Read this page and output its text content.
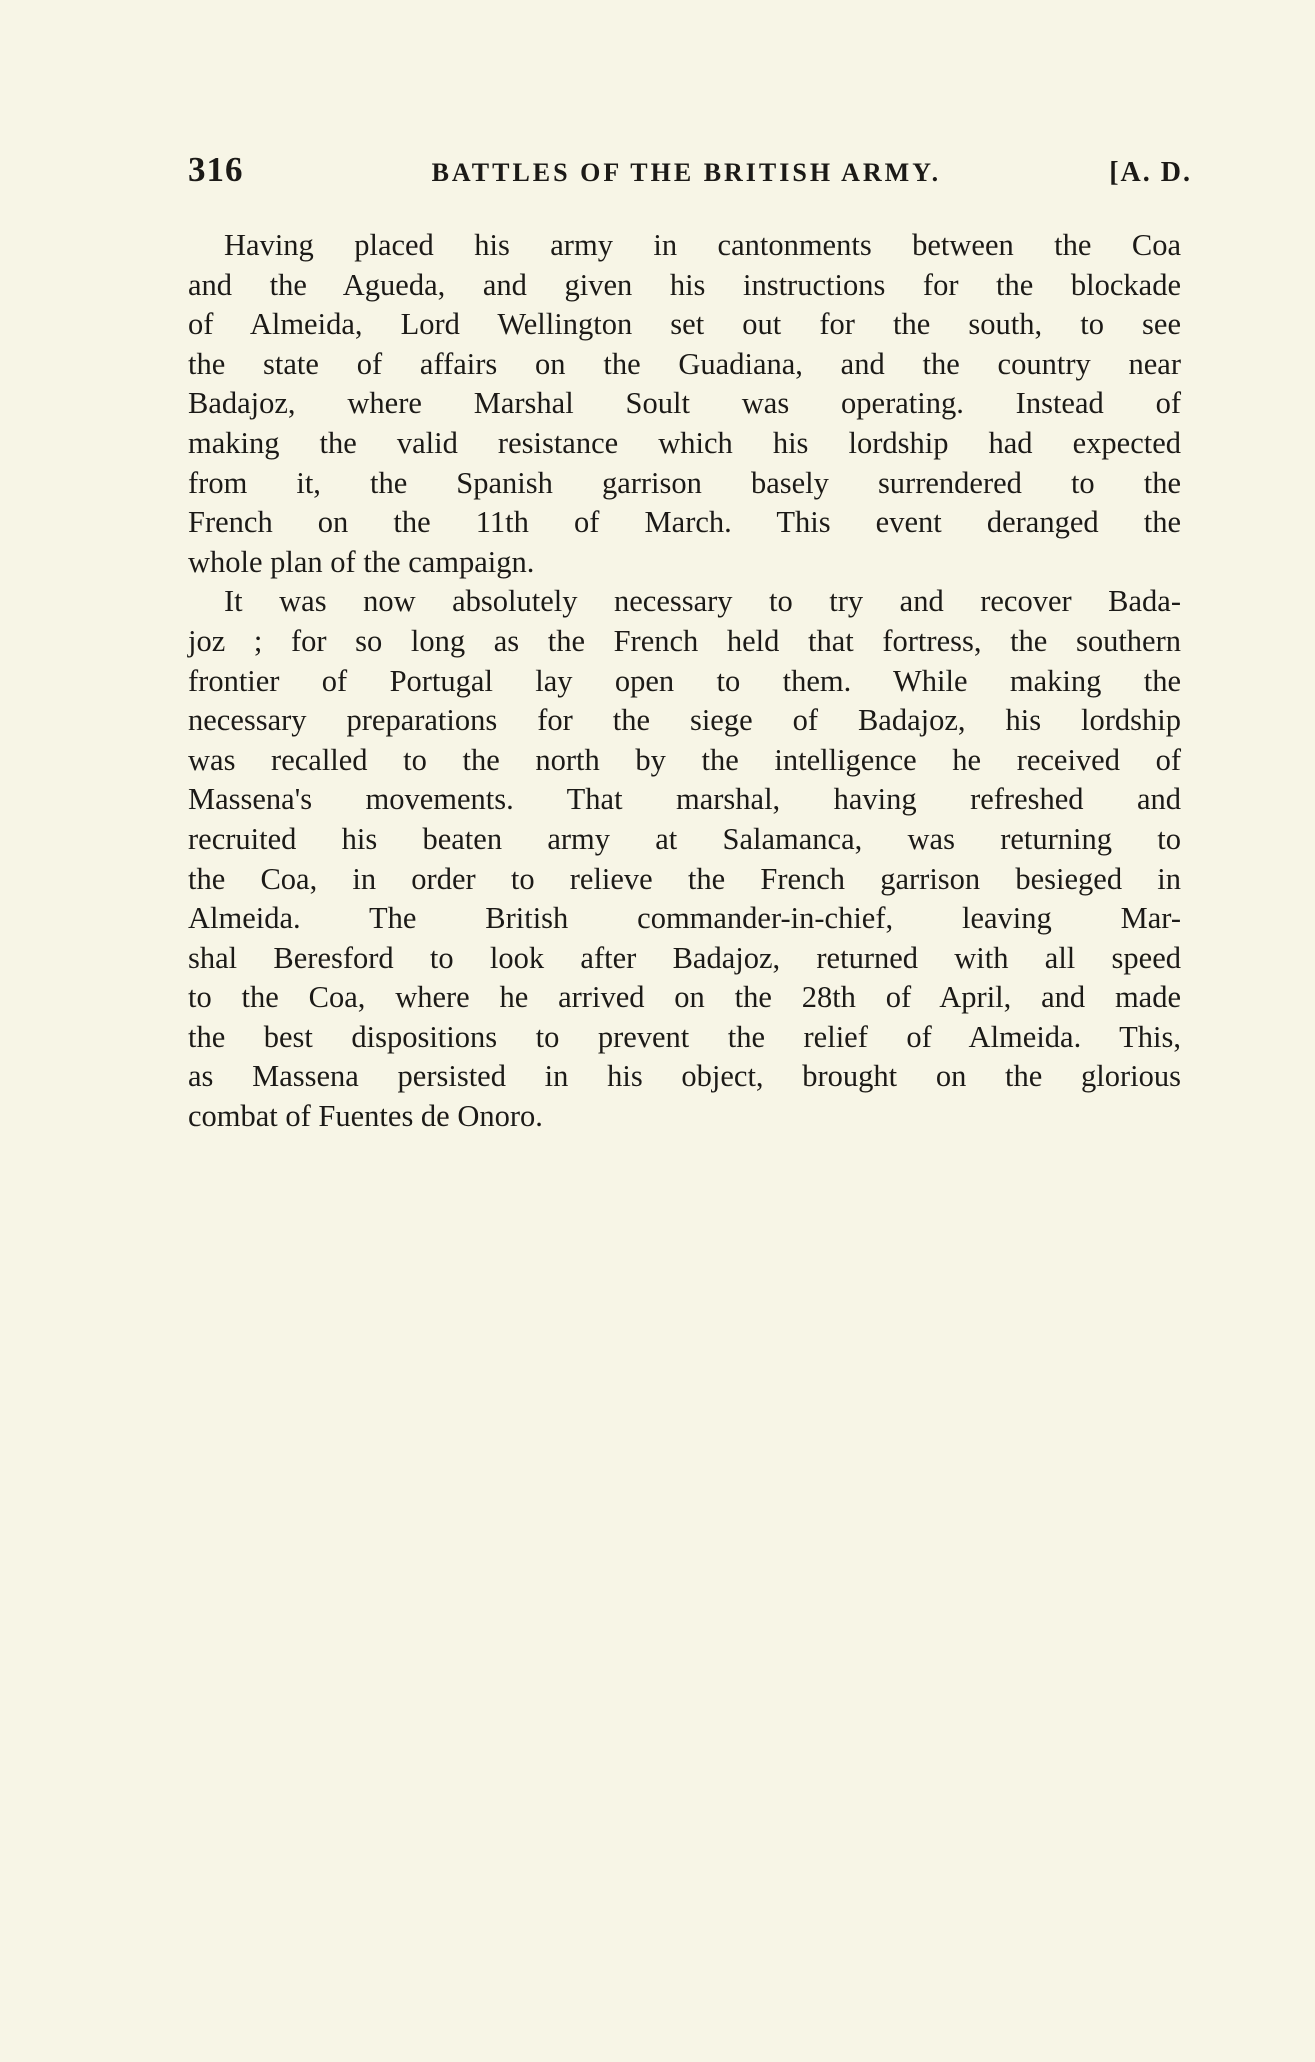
316	BATTLES OF THE BRITISH ARMY.	[A. D.
Having placed his army in cantonments between the Coa
and the Agueda, and given his instructions for the blockade
of Almeida, Lord Wellington set out for the south, to see
the state of affairs on the Guadiana, and the country near
Badajoz, where Marshal Soult was operating. Instead of
making the valid resistance which his lordship had expected
from it, the Spanish garrison basely surrendered to the
French on the 11th of March. This event deranged the
whole plan of the campaign.
It was now absolutely necessary to try and recover Bada-
joz ; for so long as the French held that fortress, the southern
frontier of Portugal lay open to them. While making the
necessary preparations for the siege of Badajoz, his lordship
was recalled to the north by the intelligence he received of
Massena's movements. That marshal, having refreshed and
recruited his beaten army at Salamanca, was returning to
the Coa, in order to relieve the French garrison besieged in
Almeida. The British commander-in-chief, leaving Mar-
shal Beresford to look after Badajoz, returned with all speed
to the Coa, where he arrived on the 28th of April, and made
the best dispositions to prevent the relief of Almeida. This,
as Massena persisted in his object, brought on the glorious
combat of Fuentes de Onoro.
